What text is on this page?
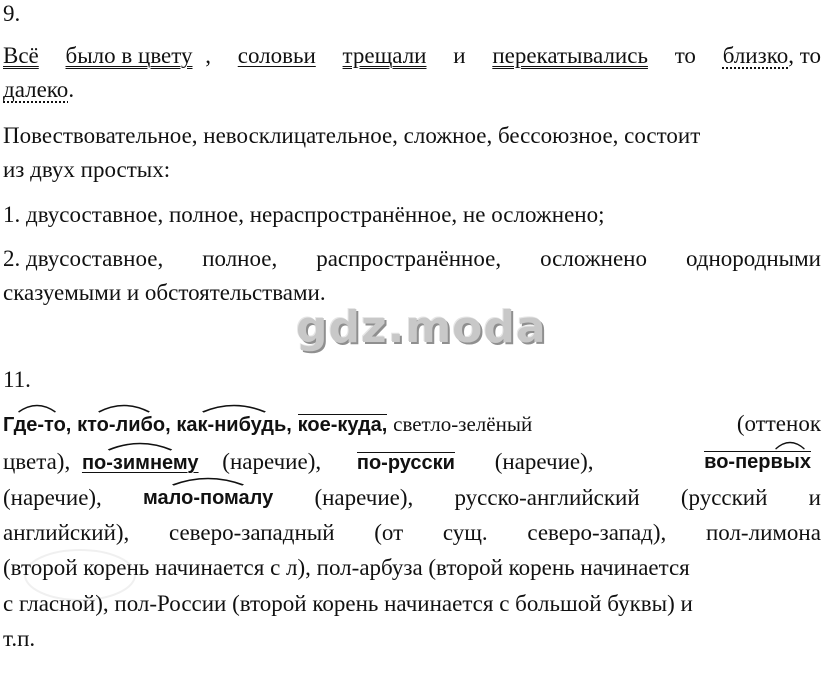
9.
Всё было в цвету , соловьи трещали и перекатывались то близко, то
далеко.
Повествовательное, невосклицательное, сложное, бессоюзное, состоит
из двух простых:
1. двусоставное, полное, нераспространённое, не осложнено;
2. двусоставное, полное, распространённое, осложнено однородными
сказуемыми и обстоятельствами.
gdz.moda
11.
Где-то, кто-либо, как-нибудь, кое-куда, светло-зелёный	(оттенок
цвета), по-зимнему (наречие), по-русски (наречие),	во-первых
(наречие), мало-помалу (наречие), русско-английский (русский и
английский), северо-западный (от сущ. северо-запад), пол-лимона
(второй корень начинается с л), пол-арбуза (второй корень начинается
с гласной), пол-России (второй корень начинается с большой буквы) и
т.п.
